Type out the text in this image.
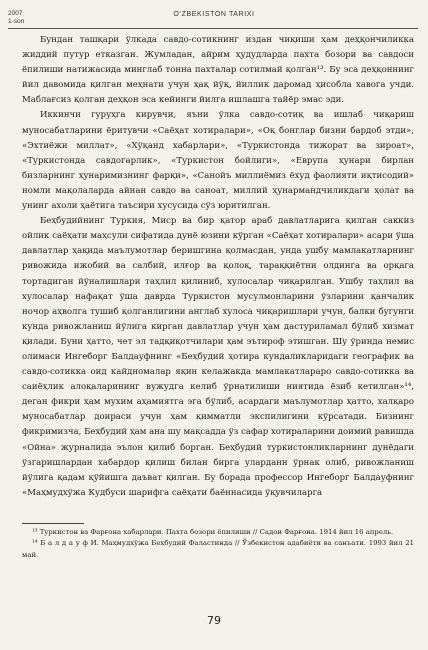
2007
1-son
O‘ZBEKISTON TARIXI

Бундан ташқари ўлкада савдо-сотикнинг издан чиқиши ҳам деҳқончиликка жиддий путур етказган. Жумладан, айрим ҳудудларда пахта бозори ва савдоси ёпилиши натижасида минглаб тонна пахталар сотилмай қолган¹³. Бу эса деҳқоннинг йил давомида қилган меҳнати учун ҳақ йўқ, йиллик даромад ҳисобла хавога учди. Маблағсиз қолган деҳқон эса кейинги йилга ишлашга тайёр эмас эди.

Иккинчи гуруҳга кирувчи, яъни ўлка савдо-сотиқ ва ишлаб чиқариш муносабатларини ёритувчи «Саёҳат хотиралари», «Оқ бонглар бизни бардоб этди», «Эхтиёжи миллат», «Хўқанд хабарлари», «Туркистонда тижорат ва зироат», «Туркистонда савдогарлик», «Туркистон бойлиги», «Еврупа ҳунари бирлан бизларнинг ҳунаримизнинг фарқи», «Санойъ миллиёмиз ёхуд фаолияти иқтисодий» номли мақолаларда айнан савдо ва саноат, миллий ҳунармандчиликдаги ҳолат ва унинг ахоли ҳаётига таъсири хусусида сўз юритилган.

Беҳбудийнинг Туркия, Миср ва бир қатор араб давлатларига қилган саккиз ойлик саёҳати маҳсули сифатида дунё юзини кўрган «Саёҳат хотиралари» асари ўша давлатлар ҳақида маълумотлар беришгина қолмасдан, унда ушбу мамлакатларнинг ривожида ижобий ва салбий, илғор ва қолоқ, тараққиётни олдинга ва орқага тортадиган йўналишлари таҳлил қилиниб, хулосалар чиқарилган. Ушбу таҳлил ва хулосалар нафақат ўша даврда Туркистон мусулмонларини ўзларини қанчалик ночор аҳволга тушиб қолганлигини англаб хулоса чиқаришлари учун, балки бугунги кунда ривожланиш йўлига кирган давлатлар учун ҳам дастуриламал бўлиб хизмат қилади. Буни ҳатто, чет эл тадқиқотчилари ҳам эътироф этишган. Шу ўринда немис олимаси Ингеборг Балдауфнинг «Беҳбудий ҳотира кундаликларидаги географик ва савдо-сотикка оид кайдномалар яқин келажакда мамлакатларaро савдо-сотикка ва саиёҳлик алоқаларининг вужудга келиб ўрнатилиши ниятида ёзиб кетилган»¹⁴, деган фикри ҳам мухим аҳамиятга эга бўлиб, асардаги маълумотлар ҳатто, халқаро муносабатлар доираси учун ҳам қимматли экспилигини кўрсатади. Бизнинг фикримизча, Беҳбудий ҳам ана шу мақсадда ўз сафар хотираларини доимий равишда «Ойна» журналида эълон қилиб борган. Беҳбудий туркистонликларнинг дунёдаги ўзгаришлардан хабардор қилиш билан бирга уларданн ўрнак олиб, ривожланиш йўлига қадам қўйишга даъват қилган. Бу борада профессор Ингеборг Балдауфнинг «Маҳмудхўжа Кудбуси шарифга саёҳати баённасида ўқувчиларга

¹³ Туркистон ва Фарғона хабарлари. Пахта бозори ёпилиши // Садои Фарғона. 1914 йил 16 апрель.

¹⁴ Б а л д а у ф И. Маҳмудхўжа Беҳбудий Фаластинда // Ўзбекистон адабиёти ва санъати. 1993 йил 21 май.

79
